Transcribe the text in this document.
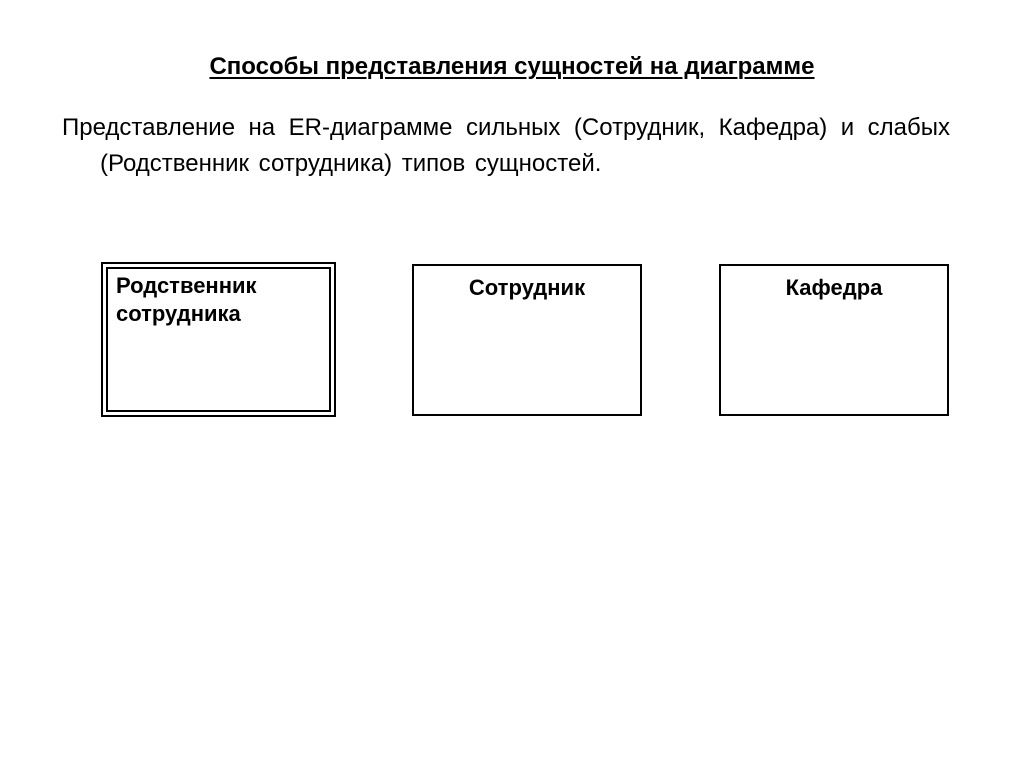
Способы представления сущностей на диаграмме

Представление на ER-диаграмме сильных (Сотрудник, Кафедра) и слабых (Родственник сотрудника) типов сущностей.

Родственник
сотрудника
Сотрудник	Кафедра
